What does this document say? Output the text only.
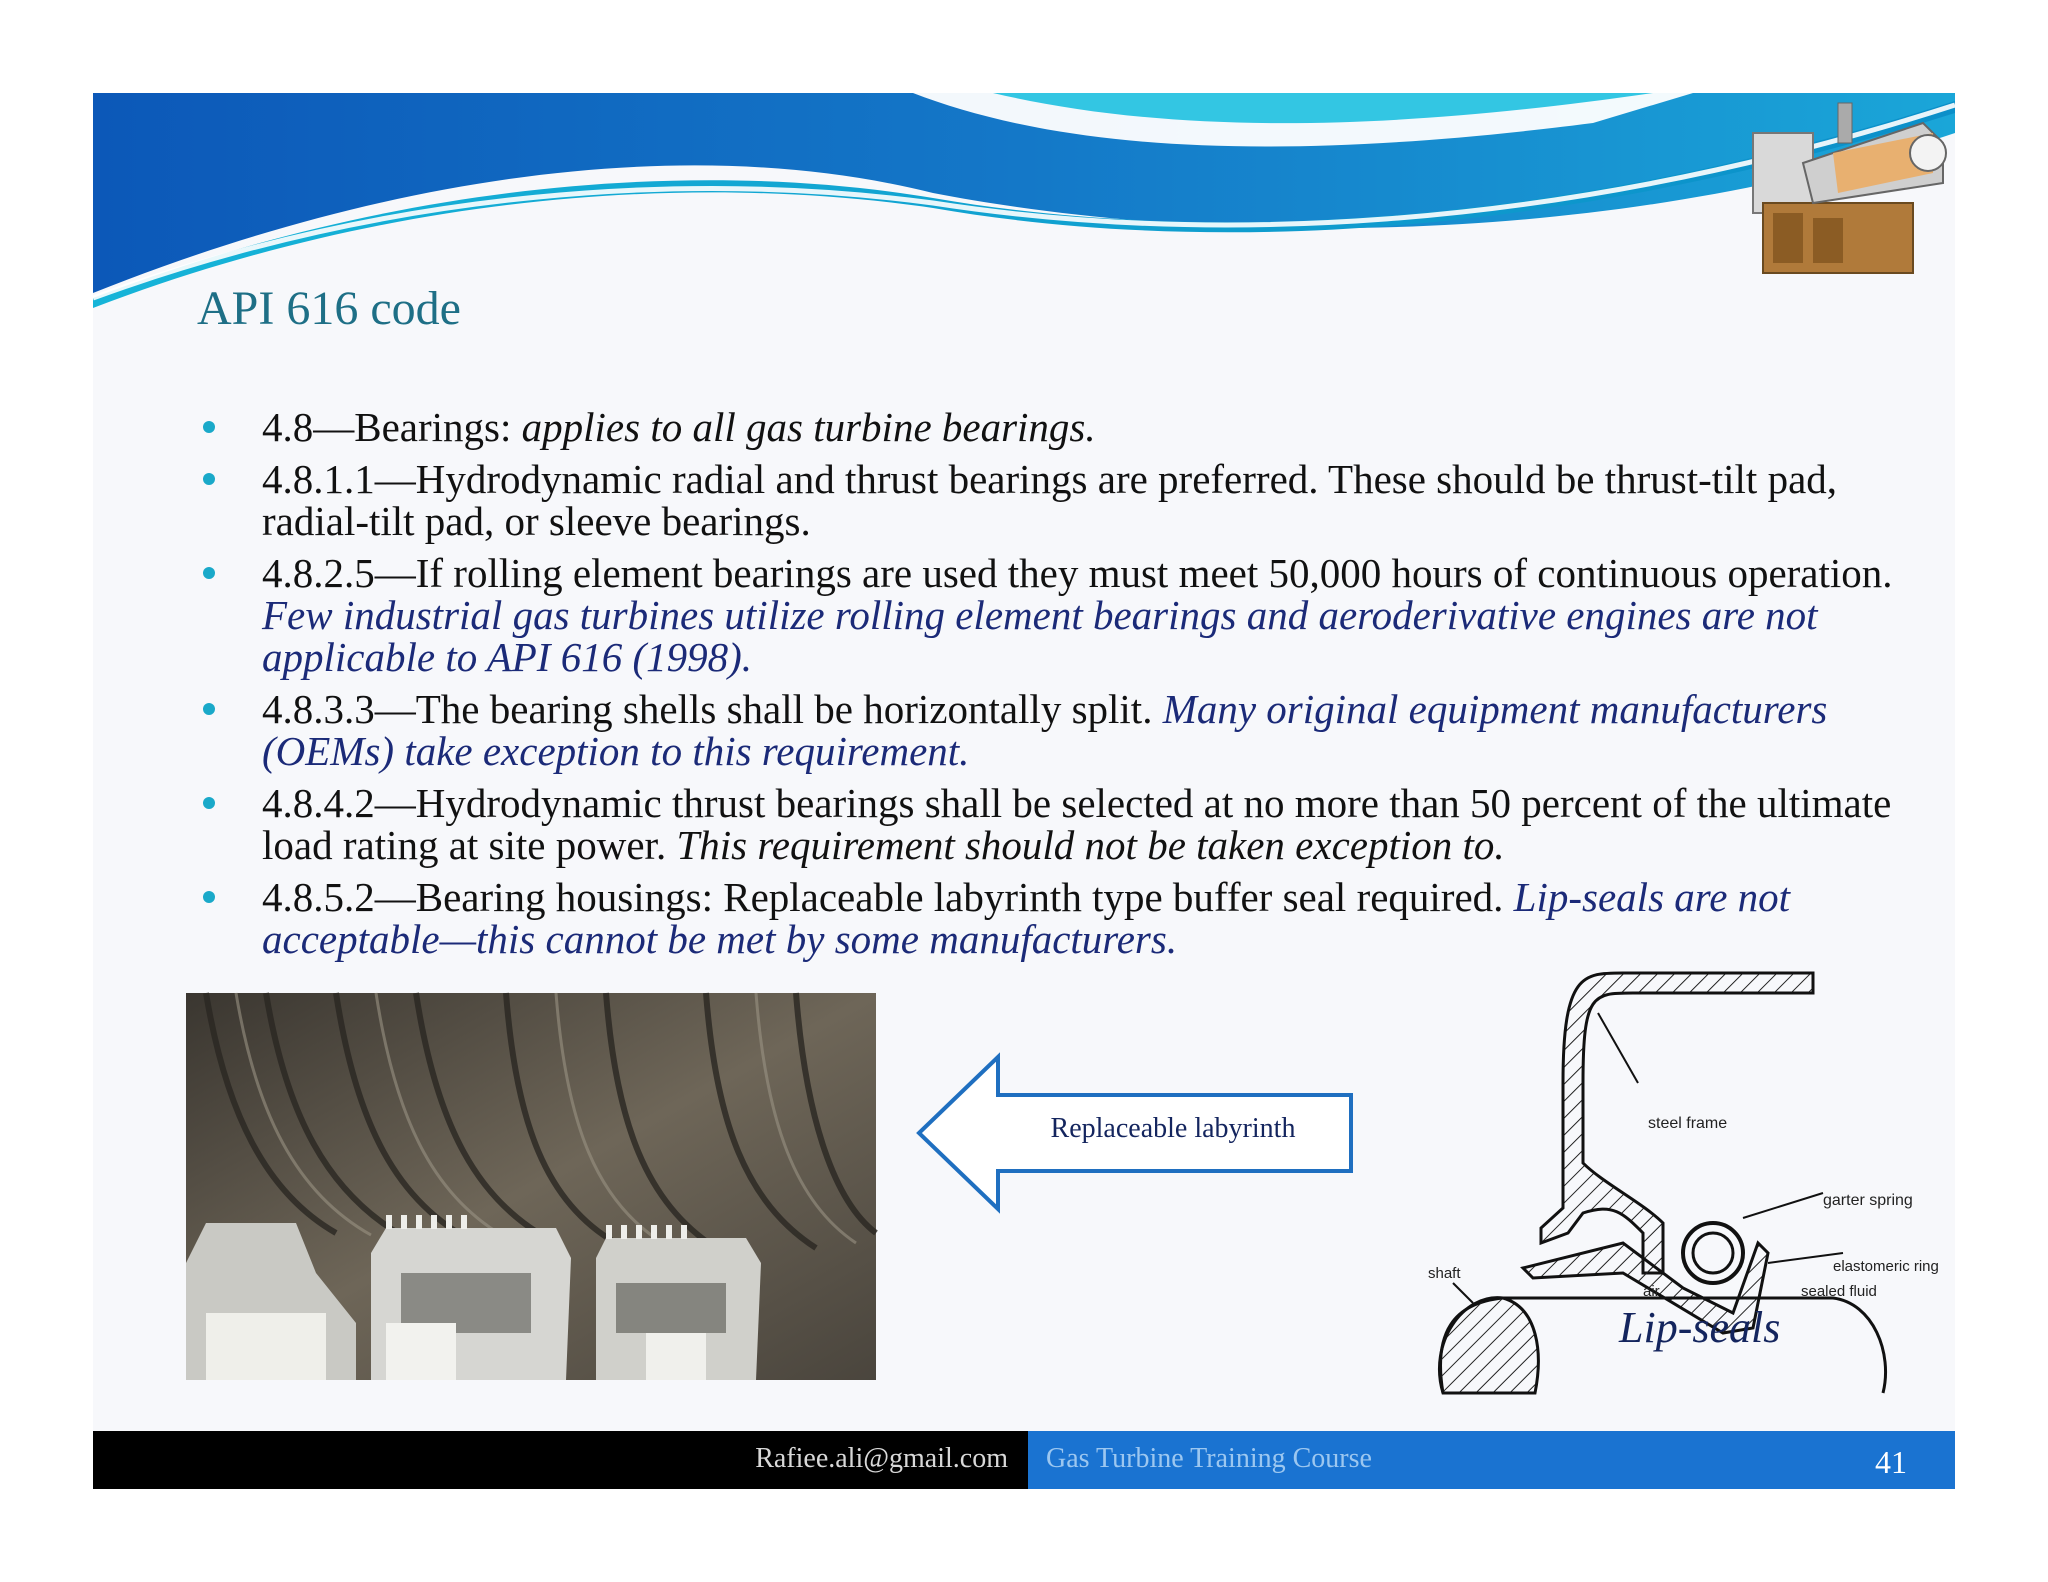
API 616 code
4.8—Bearings: applies to all gas turbine bearings.
4.8.1.1—Hydrodynamic radial and thrust bearings are preferred. These should be thrust-tilt pad, radial-tilt pad, or sleeve bearings.
4.8.2.5—If rolling element bearings are used they must meet 50,000 hours of continuous operation. Few industrial gas turbines utilize rolling element bearings and aeroderivative engines are not applicable to API 616 (1998).
4.8.3.3—The bearing shells shall be horizontally split. Many original equipment manufacturers (OEMs) take exception to this requirement.
4.8.4.2—Hydrodynamic thrust bearings shall be selected at no more than 50 percent of the ultimate load rating at site power. This requirement should not be taken exception to.
4.8.5.2—Bearing housings: Replaceable labyrinth type buffer seal required. Lip-seals are not acceptable—this cannot be met by some manufacturers.
Replaceable labyrinth	steel frame
garter spring
elastomeric ring
shaft
air	sealed fluid
Lip-seals
Rafiee.ali@gmail.com Gas Turbine Training Course	41
